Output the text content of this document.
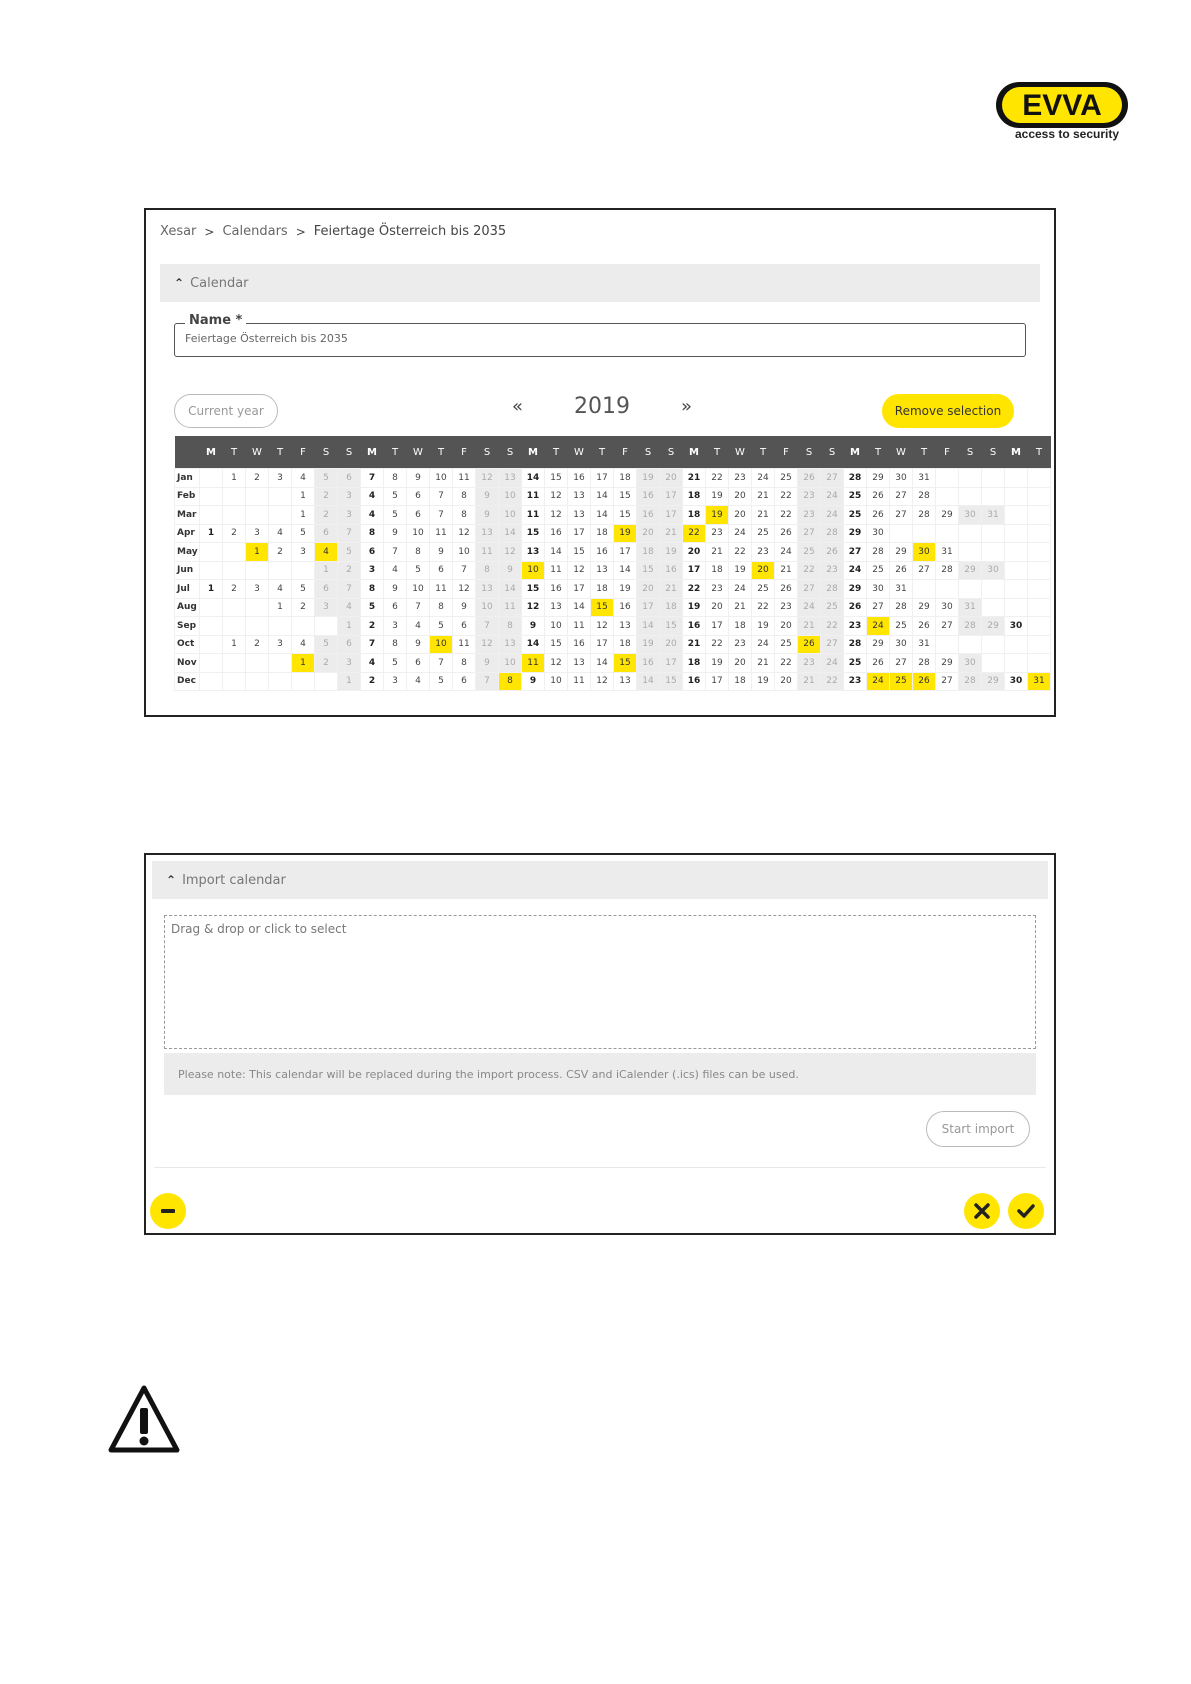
EVVA
access to security
Xesar > Calendars > Feiertage Österreich bis 2035
⌃ Calendar
Name *
Feiertage Österreich bis 2035
Current year	« 2019	»	Remove selection
	M	T	W	T	F	S	S	M	T	W	T	F	S	S	M	T	W	T	F	S	S	M	T	W	T	F	S	S	M	T	W	T	F	S	S	M	T
Jan		1	2	3	4	5	6	7	8	9	10	11	12	13	14	15	16	17	18	19	20	21	22	23	24	25	26	27	28	29	30	31					
Feb					1	2	3	4	5	6	7	8	9	10	11	12	13	14	15	16	17	18	19	20	21	22	23	24	25	26	27	28					
Mar					1	2	3	4	5	6	7	8	9	10	11	12	13	14	15	16	17	18	19	20	21	22	23	24	25	26	27	28	29	30	31		
Apr	1	2	3	4	5	6	7	8	9	10	11	12	13	14	15	16	17	18	19	20	21	22	23	24	25	26	27	28	29	30							
May			1	2	3	4	5	6	7	8	9	10	11	12	13	14	15	16	17	18	19	20	21	22	23	24	25	26	27	28	29	30	31				
Jun						1	2	3	4	5	6	7	8	9	10	11	12	13	14	15	16	17	18	19	20	21	22	23	24	25	26	27	28	29	30		
Jul	1	2	3	4	5	6	7	8	9	10	11	12	13	14	15	16	17	18	19	20	21	22	23	24	25	26	27	28	29	30	31						
Aug				1	2	3	4	5	6	7	8	9	10	11	12	13	14	15	16	17	18	19	20	21	22	23	24	25	26	27	28	29	30	31			
Sep							1	2	3	4	5	6	7	8	9	10	11	12	13	14	15	16	17	18	19	20	21	22	23	24	25	26	27	28	29	30	
Oct		1	2	3	4	5	6	7	8	9	10	11	12	13	14	15	16	17	18	19	20	21	22	23	24	25	26	27	28	29	30	31					
Nov					1	2	3	4	5	6	7	8	9	10	11	12	13	14	15	16	17	18	19	20	21	22	23	24	25	26	27	28	29	30			
Dec							1	2	3	4	5	6	7	8	9	10	11	12	13	14	15	16	17	18	19	20	21	22	23	24	25	26	27	28	29	30	31
⌃ Import calendar
Drag & drop or click to select
Please note: This calendar will be replaced during the import process. CSV and iCalender (.ics) files can be used.
Start import
